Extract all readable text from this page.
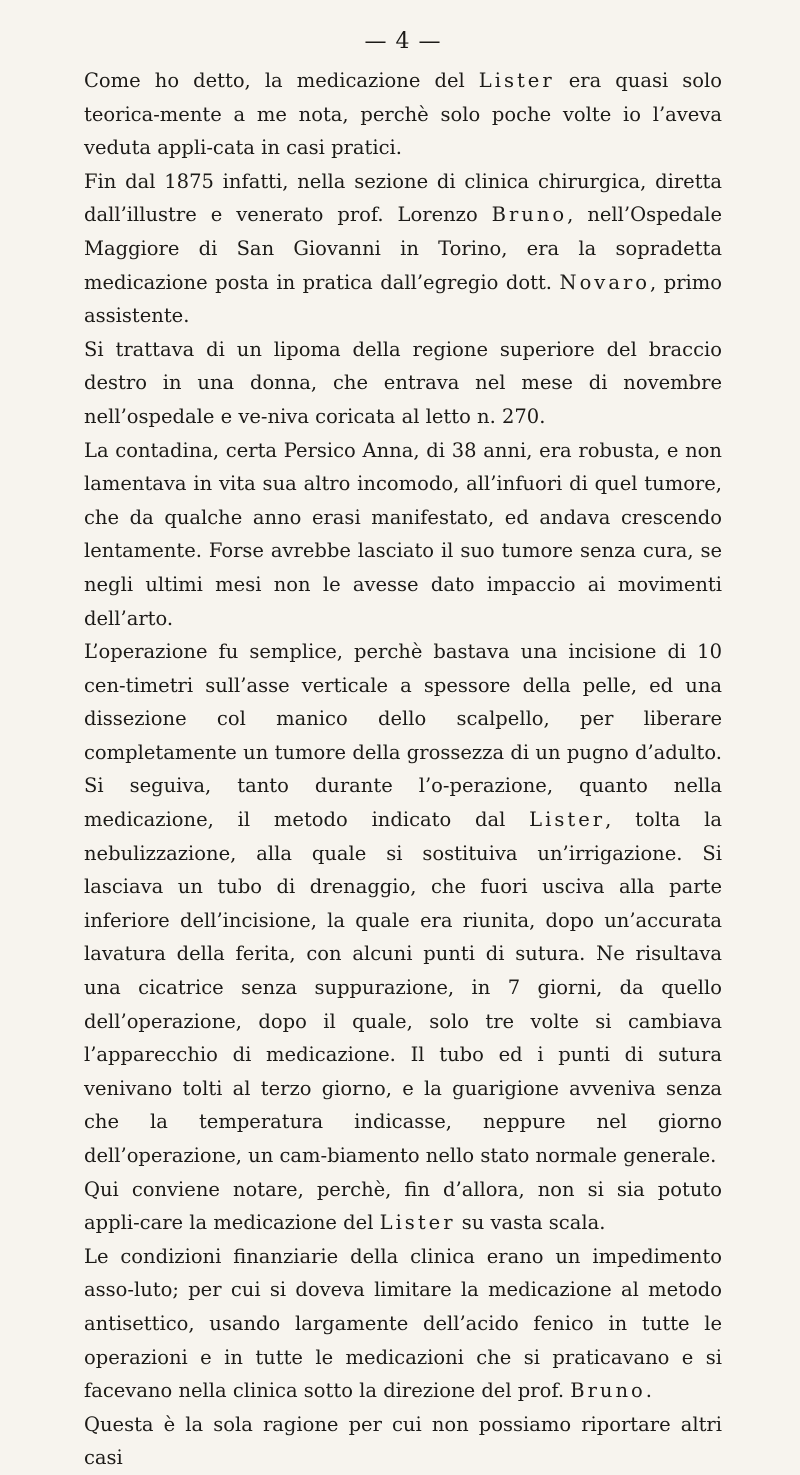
— 4 —

Come ho detto, la medicazione del Lister era quasi solo teorica-mente a me nota, perchè solo poche volte io l’aveva veduta appli-cata in casi pratici.

Fin dal 1875 infatti, nella sezione di clinica chirurgica, diretta dall’illustre e venerato prof. Lorenzo Bruno, nell’Ospedale Maggiore di San Giovanni in Torino, era la sopradetta medicazione posta in pratica dall’egregio dott. Novaro, primo assistente.

Si trattava di un lipoma della regione superiore del braccio destro in una donna, che entrava nel mese di novembre nell’ospedale e ve-niva coricata al letto n. 270.

La contadina, certa Persico Anna, di 38 anni, era robusta, e non lamentava in vita sua altro incomodo, all’infuori di quel tumore, che da qualche anno erasi manifestato, ed andava crescendo lentamente. Forse avrebbe lasciato il suo tumore senza cura, se negli ultimi mesi non le avesse dato impaccio ai movimenti dell’arto.

L’operazione fu semplice, perchè bastava una incisione di 10 cen-timetri sull’asse verticale a spessore della pelle, ed una dissezione col manico dello scalpello, per liberare completamente un tumore della grossezza di un pugno d’adulto. Si seguiva, tanto durante l’o-perazione, quanto nella medicazione, il metodo indicato dal Lister, tolta la nebulizzazione, alla quale si sostituiva un’irrigazione. Si lasciava un tubo di drenaggio, che fuori usciva alla parte inferiore dell’incisione, la quale era riunita, dopo un’accurata lavatura della ferita, con alcuni punti di sutura. Ne risultava una cicatrice senza suppurazione, in 7 giorni, da quello dell’operazione, dopo il quale, solo tre volte si cambiava l’apparecchio di medicazione. Il tubo ed i punti di sutura venivano tolti al terzo giorno, e la guarigione avveniva senza che la temperatura indicasse, neppure nel giorno dell’operazione, un cam-biamento nello stato normale generale.

Qui conviene notare, perchè, fin d’allora, non si sia potuto appli-care la medicazione del Lister su vasta scala.

Le condizioni finanziarie della clinica erano un impedimento asso-luto; per cui si doveva limitare la medicazione al metodo antisettico, usando largamente dell’acido fenico in tutte le operazioni e in tutte le medicazioni che si praticavano e si facevano nella clinica sotto la direzione del prof. Bruno.

Questa è la sola ragione per cui non possiamo riportare altri casi
